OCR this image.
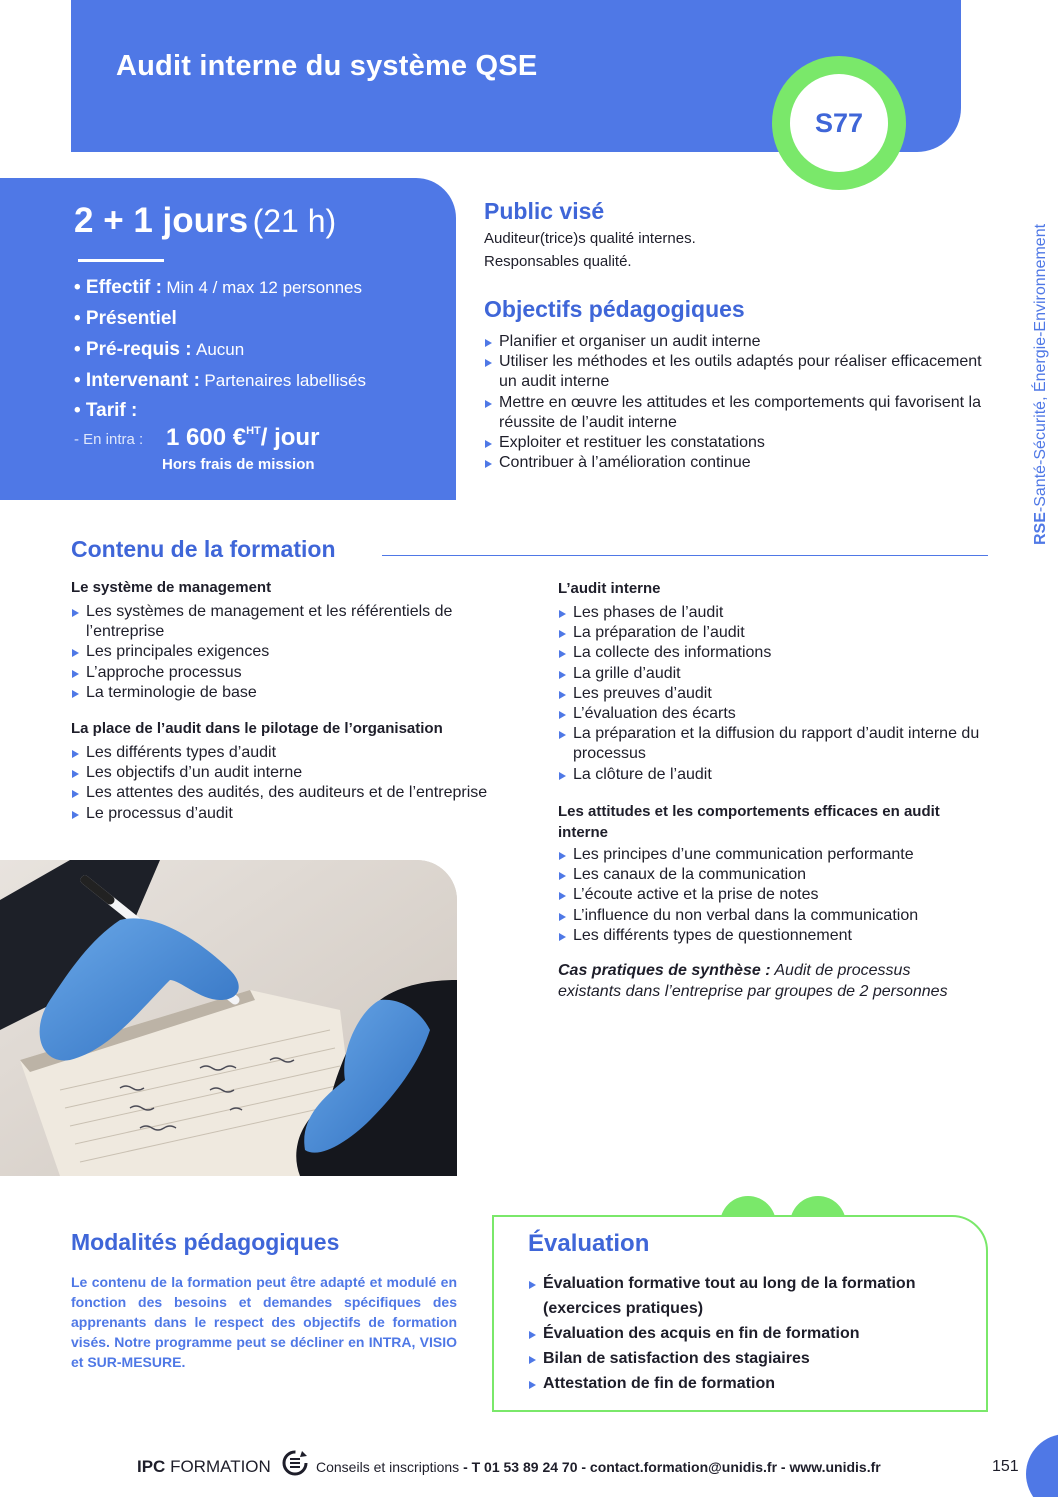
Audit interne du système QSE
S77
RSE-Santé-Sécurité, Énergie-Environnement
2 + 1 jours (21 h)
• Effectif : Min 4 / max 12 personnes
• Présentiel
• Pré-requis : Aucun
• Intervenant : Partenaires labellisés
• Tarif :
- En intra : 1 600 €$^{HT}$/ jour
Hors frais de mission
Public visé
Auditeur(trice)s qualité internes.
Responsables qualité.
Objectifs pédagogiques
Planifier et organiser un audit interne
Utiliser les méthodes et les outils adaptés pour réaliser efficacement un audit interne
Mettre en œuvre les attitudes et les comportements qui favorisent la réussite de l’audit interne
Exploiter et restituer les constatations
Contribuer à l’amélioration continue
Contenu de la formation
Le système de management
Les systèmes de management et les référentiels de l’entreprise
Les principales exigences
L’approche processus
La terminologie de base
La place de l’audit dans le pilotage de l’organisation
Les différents types d’audit
Les objectifs d’un audit interne
Les attentes des audités, des auditeurs et de l’entreprise
Le processus d’audit
L’audit interne
Les phases de l’audit
La préparation de l’audit
La collecte des informations
La grille d’audit
Les preuves d’audit
L’évaluation des écarts
La préparation et la diffusion du rapport d’audit interne du processus
La clôture de l’audit
Les attitudes et les comportements efficaces en audit interne
Les principes d’une communication performante
Les canaux de la communication
L’écoute active et la prise de notes
L’influence du non verbal dans la communication
Les différents types de questionnement
Cas pratiques de synthèse : Audit de processus existants dans l’entreprise par groupes de 2 personnes
Modalités pédagogiques
Le contenu de la formation peut être adapté et modulé en fonction des besoins et demandes spécifiques des apprenants dans le respect des objectifs de formation visés. Notre programme peut se décliner en INTRA, VISIO et SUR-MESURE.
Évaluation
Évaluation formative tout au long de la formation (exercices pratiques)
Évaluation des acquis en fin de formation
Bilan de satisfaction des stagiaires
Attestation de fin de formation
IPC FORMATION	Conseils et inscriptions - T 01 53 89 24 70 - contact.formation@unidis.fr - www.unidis.fr	151
